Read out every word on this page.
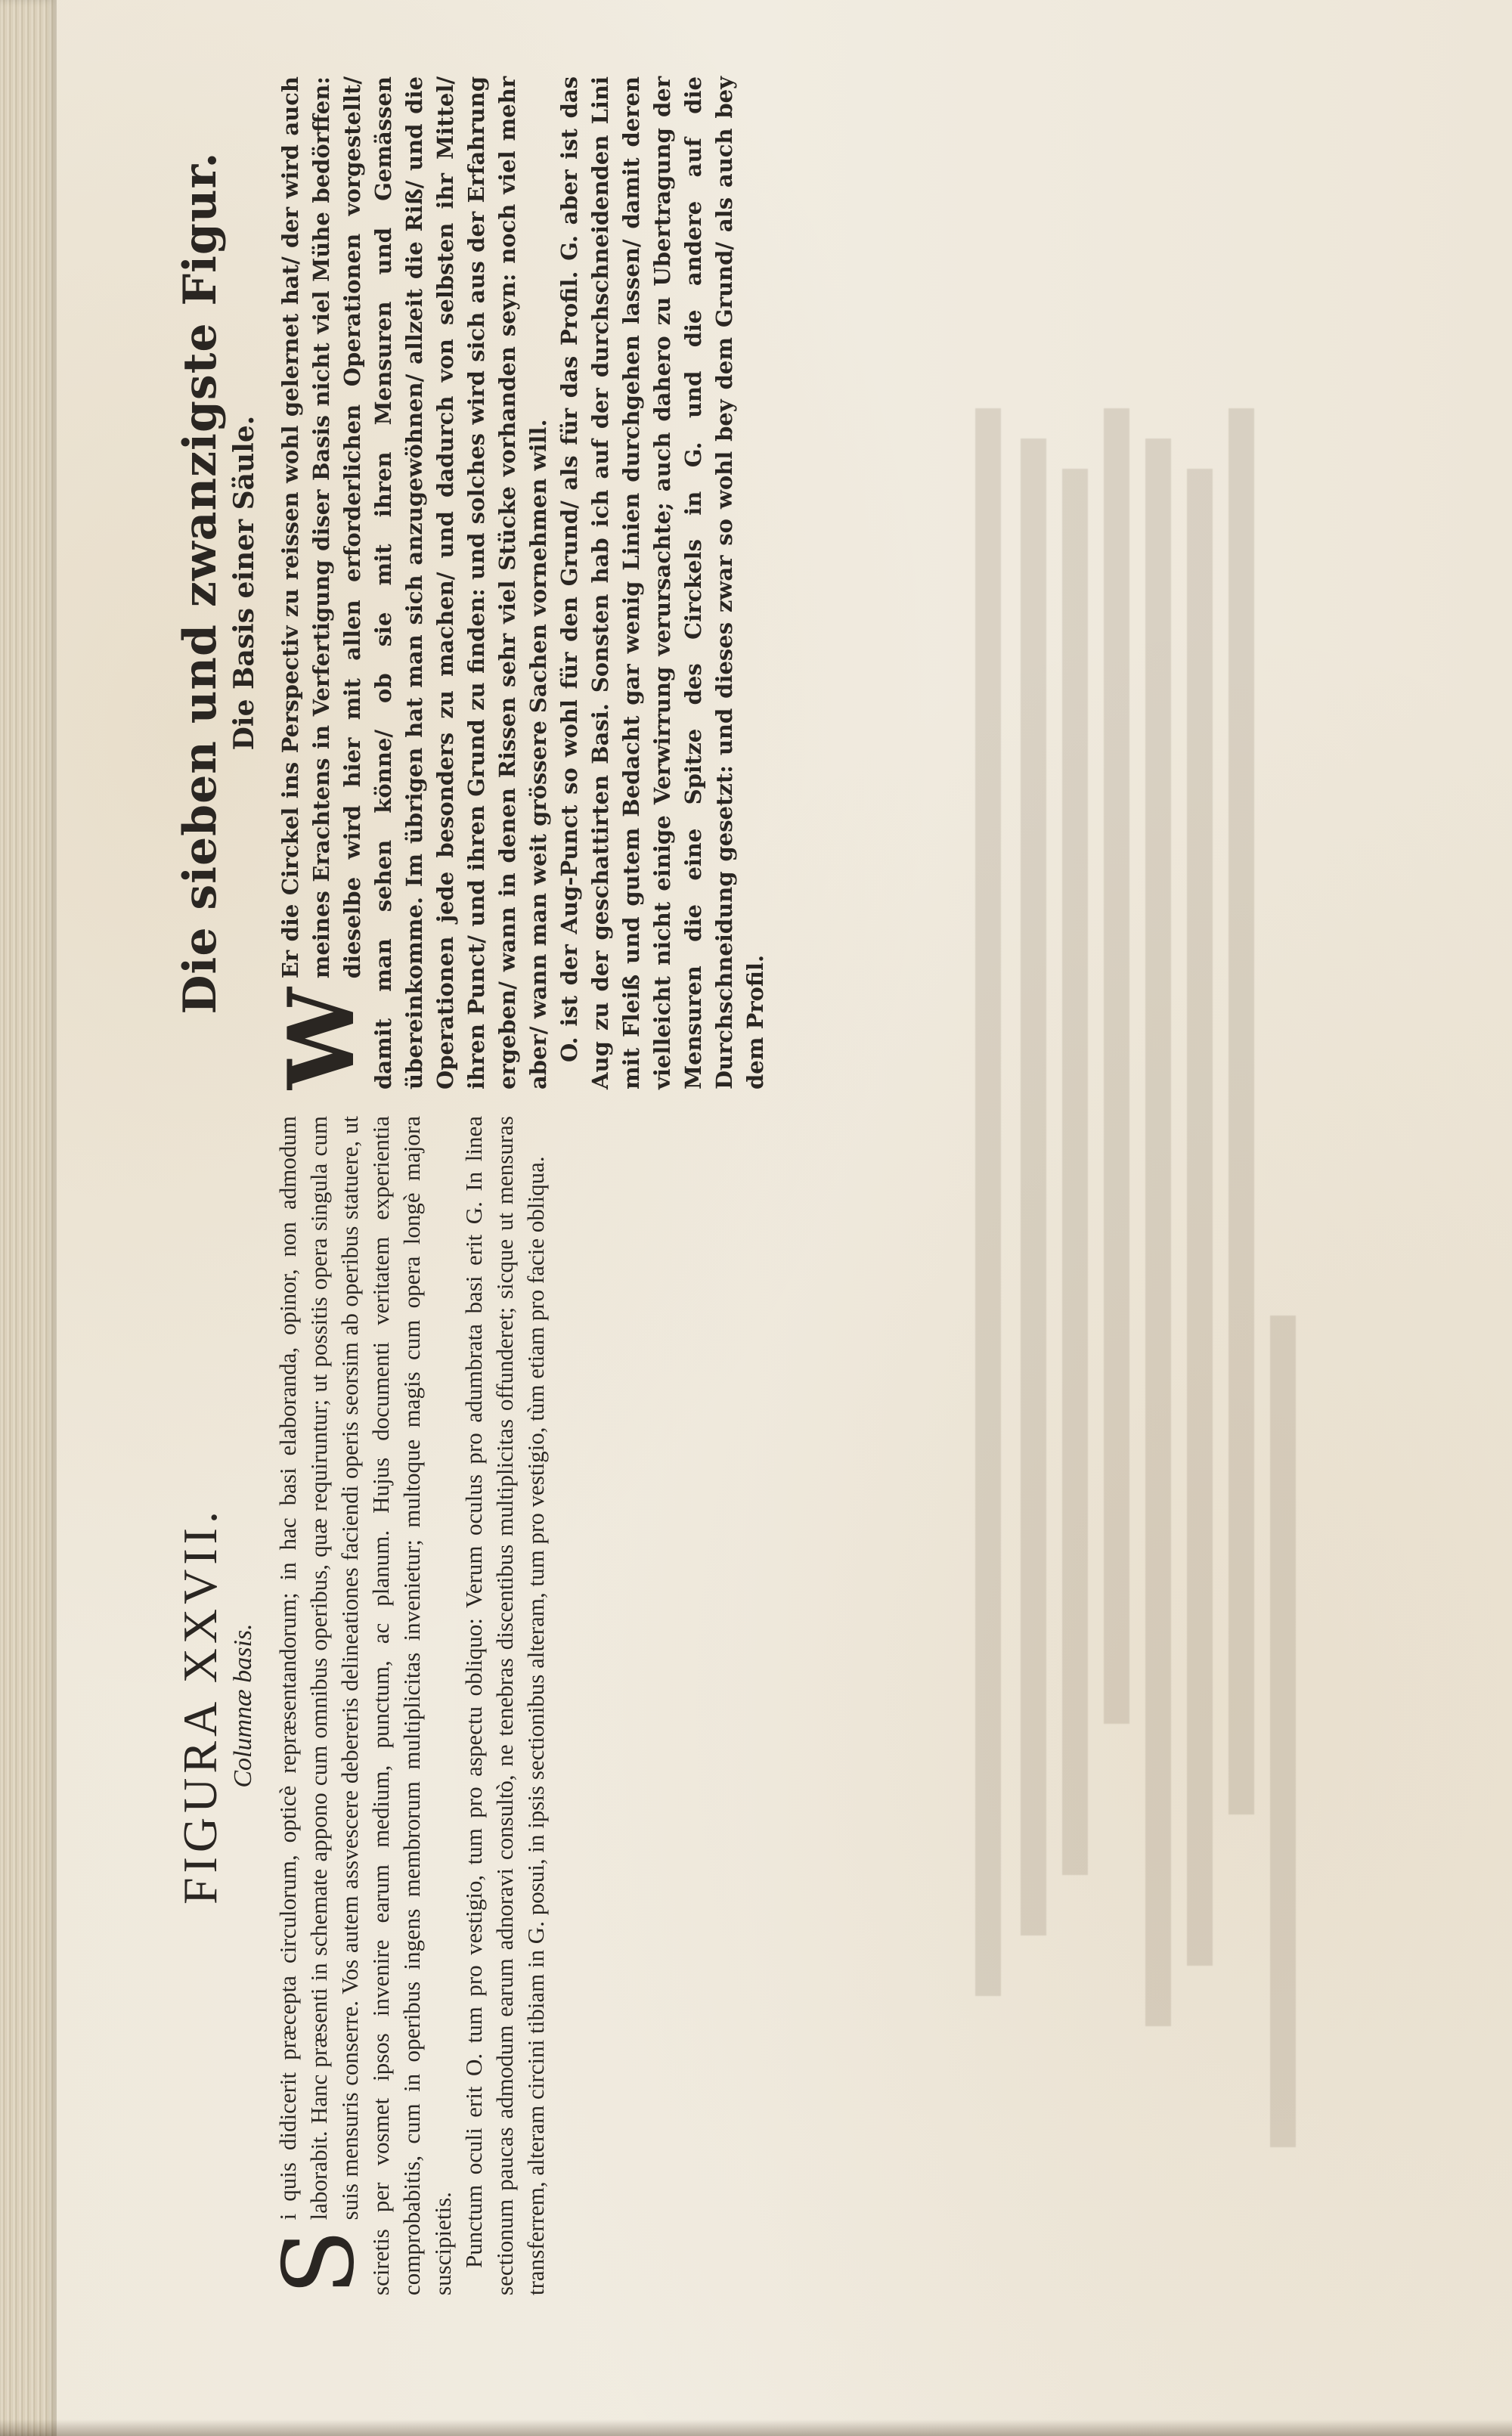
FIGURA XXVII. Columnæ basis.

S
i quis didicerit præcepta circulorum, opticè repræsentandorum; in hac basi elaboranda, opinor, non admodum laborabit. Hanc præsenti in schemate appono cum omnibus operibus, quæ requiruntur; ut possitis opera singula cum suis mensuris conserre. Vos autem assvescere debereris delineationes faciendi operis seorsim ab operibus statuere, ut sciretis per vosmet ipsos invenire earum medium, punctum, ac planum. Hujus documenti veritatem experientia comprobabitis, cum in operibus ingens membrorum multiplicitas invenietur; multoque magis cum opera longè majora suscipietis. Punctum oculi erit O. tum pro vestigio, tum pro aspectu obliquo: Verum oculus pro adumbrata basi erit G. In linea sectionum paucas admodum earum adnoravi consultò, ne tenebras discentibus multiplicitas offunderet; sicque ut mensuras transferrem, alteram circini tibiam in G. posui, in ipsis sectionibus alteram, tum pro vestigio, tùm etiam pro facie obliqua.

Die sieben und zwanzigste Figur. Die Basis einer Säule.

W
Er die Circkel ins Perspectiv zu reissen wohl gelernet hat/ der wird auch meines Erachtens in Verfertigung diser Basis nicht viel Mühe bedörffen: dieselbe wird hier mit allen erforderlichen Operationen vorgestellt/ damit man sehen könne/ ob sie mit ihren Mensuren und Gemässen übereinkomme. Im übrigen hat man sich anzugewöhnen/ allzeit die Riß/ und die Operationen jede besonders zu machen/ und dadurch von selbsten ihr Mittel/ ihren Punct/ und ihren Grund zu finden: und solches wird sich aus der Erfahrung ergeben/ wann in denen Rissen sehr viel Stücke vorhanden seyn: noch viel mehr aber/ wann man weit grössere Sachen vornehmen will. O. ist der Aug-Punct so wohl für den Grund/ als für das Profil. G. aber ist das Aug zu der geschattirten Basi. Sonsten hab ich auf der durchschneidenden Lini mit Fleiß und gutem Bedacht gar wenig Linien durchgehen lassen/ damit deren vielleicht nicht einige Verwirrung verursachte; auch dahero zu Ubertragung der Mensuren die eine Spitze des Circkels in G. und die andere auf die Durchschneidung gesetzt: und dieses zwar so wohl bey dem Grund/ als auch bey dem Profil.
